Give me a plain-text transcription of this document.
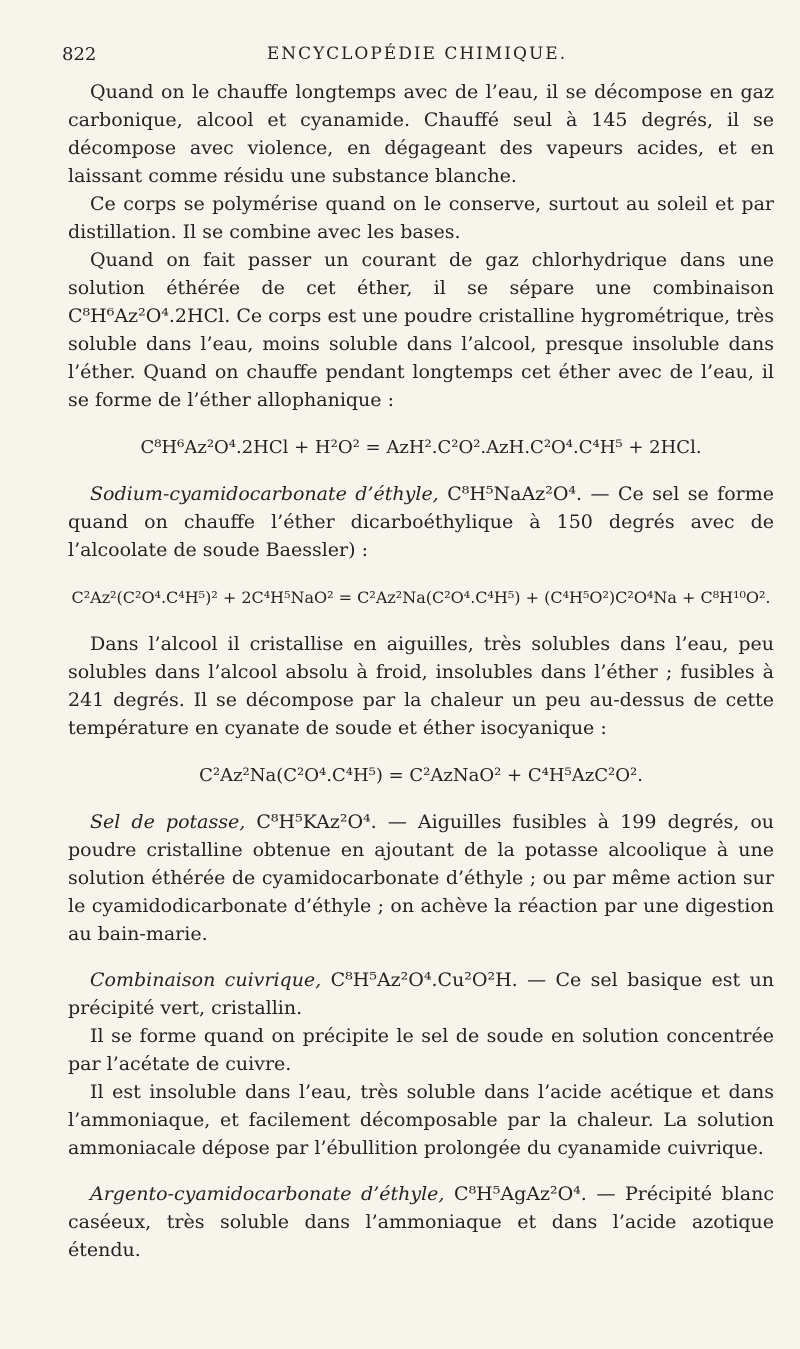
822	ENCYCLOPÉDIE CHIMIQUE.

Quand on le chauffe longtemps avec de l’eau, il se décompose en gaz carbonique, alcool et cyanamide. Chauffé seul à 145 degrés, il se décompose avec violence, en dégageant des vapeurs acides, et en laissant comme résidu une substance blanche.

Ce corps se polymérise quand on le conserve, surtout au soleil et par distillation. Il se combine avec les bases.

Quand on fait passer un courant de gaz chlorhydrique dans une solution éthérée de cet éther, il se sépare une combinaison C⁸H⁶Az²O⁴.2HCl. Ce corps est une poudre cristalline hygrométrique, très soluble dans l’eau, moins soluble dans l’alcool, presque insoluble dans l’éther. Quand on chauffe pendant longtemps cet éther avec de l’eau, il se forme de l’éther allophanique :

C⁸H⁶Az²O⁴.2HCl + H²O² = AzH².C²O².AzH.C²O⁴.C⁴H⁵ + 2HCl.

Sodium-cyamidocarbonate d’éthyle, C⁸H⁵NaAz²O⁴. — Ce sel se forme quand on chauffe l’éther dicarboéthylique à 150 degrés avec de l’alcoolate de soude Baessler) :

C²Az²(C²O⁴.C⁴H⁵)² + 2C⁴H⁵NaO² = C²Az²Na(C²O⁴.C⁴H⁵) + (C⁴H⁵O²)C²O⁴Na + C⁸H¹⁰O².

Dans l’alcool il cristallise en aiguilles, très solubles dans l’eau, peu solubles dans l’alcool absolu à froid, insolubles dans l’éther ; fusibles à 241 degrés. Il se décompose par la chaleur un peu au-dessus de cette température en cyanate de soude et éther isocyanique :

C²Az²Na(C²O⁴.C⁴H⁵) = C²AzNaO² + C⁴H⁵AzC²O².

Sel de potasse, C⁸H⁵KAz²O⁴. — Aiguilles fusibles à 199 degrés, ou poudre cristalline obtenue en ajoutant de la potasse alcoolique à une solution éthérée de cyamidocarbonate d’éthyle ; ou par même action sur le cyamidodicarbonate d’éthyle ; on achève la réaction par une digestion au bain-marie.

Combinaison cuivrique, C⁸H⁵Az²O⁴.Cu²O²H. — Ce sel basique est un précipité vert, cristallin.

Il se forme quand on précipite le sel de soude en solution concentrée par l’acétate de cuivre.

Il est insoluble dans l’eau, très soluble dans l’acide acétique et dans l’ammoniaque, et facilement décomposable par la chaleur. La solution ammoniacale dépose par l’ébullition prolongée du cyanamide cuivrique.

Argento-cyamidocarbonate d’éthyle, C⁸H⁵AgAz²O⁴. — Précipité blanc caséeux, très soluble dans l’ammoniaque et dans l’acide azotique étendu.
